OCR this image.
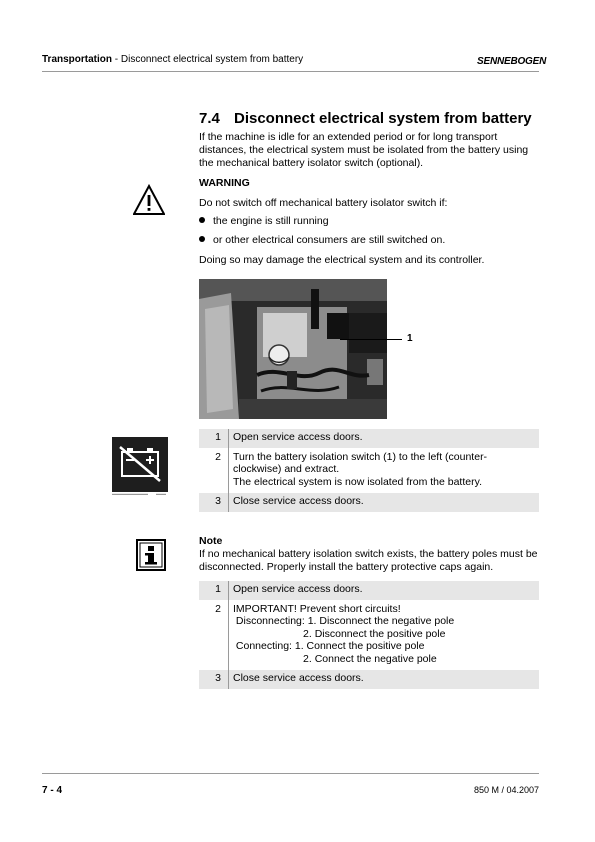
Transportation - Disconnect electrical system from battery	SENNEBOGEN
7.4 Disconnect electrical system from battery
If the machine is idle for an extended period or for long transport distances, the electrical system must be isolated from the battery using the mechanical battery isolator switch (optional).
WARNING
Do not switch off mechanical battery isolator switch if:
the engine is still running
or other electrical consumers are still switched on.
Doing so may damage the electrical system and its controller.
1
1	Open service access doors.
2	Turn the battery isolation switch (1) to the left (counter-
clockwise) and extract.
The electrical system is now isolated from the battery.

3	Close service access doors.
Note
If no mechanical battery isolation switch exists, the battery poles must be disconnected. Properly install the battery protective caps again.
1	Open service access doors.
2	IMPORTANT! Prevent short circuits!
Disconnecting: 1. Disconnect the negative pole
2. Disconnect the positive pole
Connecting: 1. Connect the positive pole
2. Connect the negative pole

3	Close service access doors.
7 - 4	850 M / 04.2007
